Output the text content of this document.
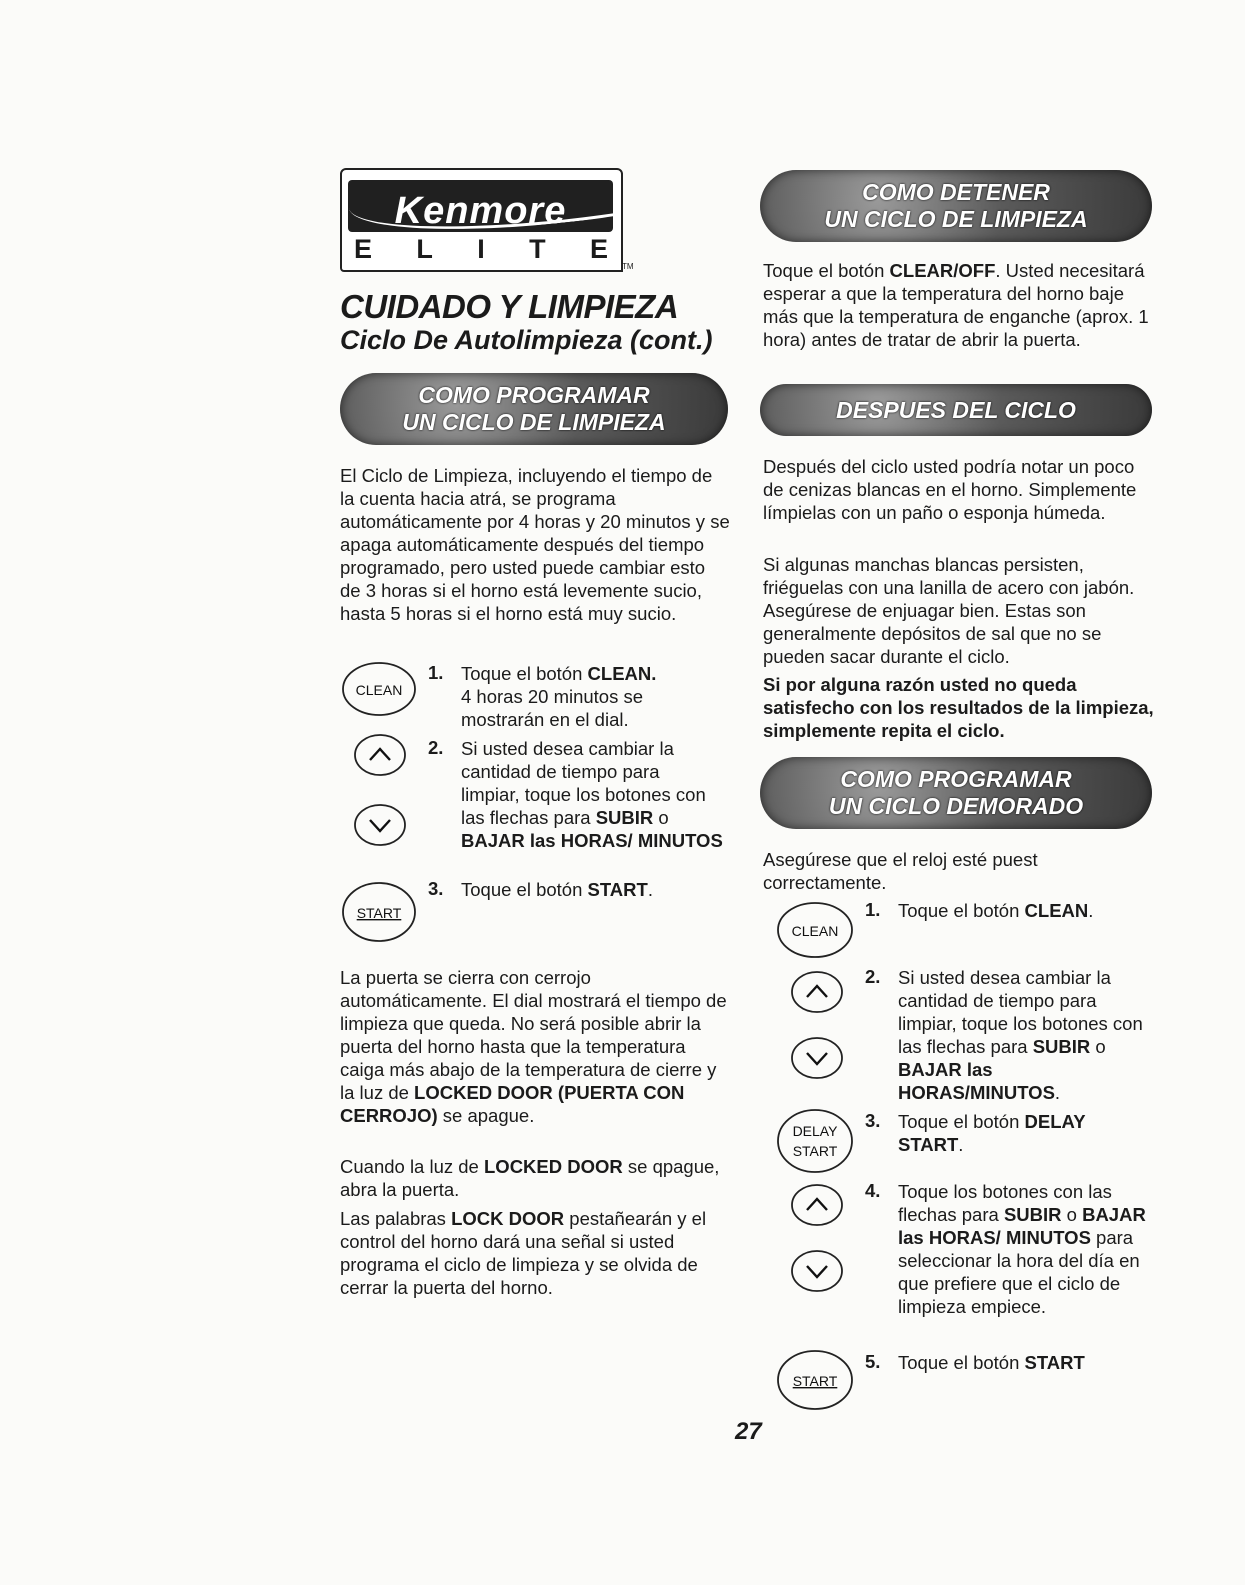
Kenmore
E L I T E
TM
CUIDADO Y LIMPIEZA
Ciclo De Autolimpieza (cont.)
COMO PROGRAMAR
UN CICLO DE LIMPIEZA

El Ciclo de Limpieza, incluyendo el tiempo de la cuenta hacia atrá, se programa automáticamente por 4 horas y 20 minutos y se apaga automáticamente después del tiempo programado, pero usted puede cambiar esto de 3 horas si el horno está levemente sucio, hasta 5 horas si el horno está muy sucio.

CLEAN
1. Toque el botón CLEAN.
4 horas 20 minutos se mostrarán en el dial.
2. Si usted desea cambiar la cantidad de tiempo para limpiar, toque los botones con las flechas para SUBIR o BAJAR las HORAS/ MINUTOS
START
3. Toque el botón START.

La puerta se cierra con cerrojo automáticamente. El dial mostrará el tiempo de limpieza que queda. No será posible abrir la puerta del horno hasta que la temperatura caiga más abajo de la temperatura de cierre y la luz de LOCKED DOOR (PUERTA CON CERROJO) se apague.

Cuando la luz de LOCKED DOOR se qpague, abra la puerta.

Las palabras LOCK DOOR pestañearán y el control del horno dará una señal si usted programa el ciclo de limpieza y se olvida de cerrar la puerta del horno.

COMO DETENER
UN CICLO DE LIMPIEZA

Toque el botón CLEAR/OFF. Usted necesitará esperar a que la temperatura del horno baje más que la temperatura de enganche (aprox. 1 hora) antes de tratar de abrir la puerta.

DESPUES DEL CICLO

Después del ciclo usted podría notar un poco de cenizas blancas en el horno. Simplemente límpielas con un paño o esponja húmeda.

Si algunas manchas blancas persisten, friéguelas con una lanilla de acero con jabón. Asegúrese de enjuagar bien. Estas son generalmente depósitos de sal que no se pueden sacar durante el ciclo.

Si por alguna razón usted no queda satisfecho con los resultados de la limpieza, simplemente repita el ciclo.

COMO PROGRAMAR
UN CICLO DEMORADO

Asegúrese que el reloj esté puest correctamente.

CLEAN
1. Toque el botón CLEAN.
2. Si usted desea cambiar la cantidad de tiempo para limpiar, toque los botones con las flechas para SUBIR o BAJAR las HORAS/MINUTOS.
DELAY
START
3. Toque el botón DELAY START.
4. Toque los botones con las flechas para SUBIR o BAJAR las HORAS/ MINUTOS para seleccionar la hora del día en que prefiere que el ciclo de limpieza empiece.
START
5. Toque el botón START
27
